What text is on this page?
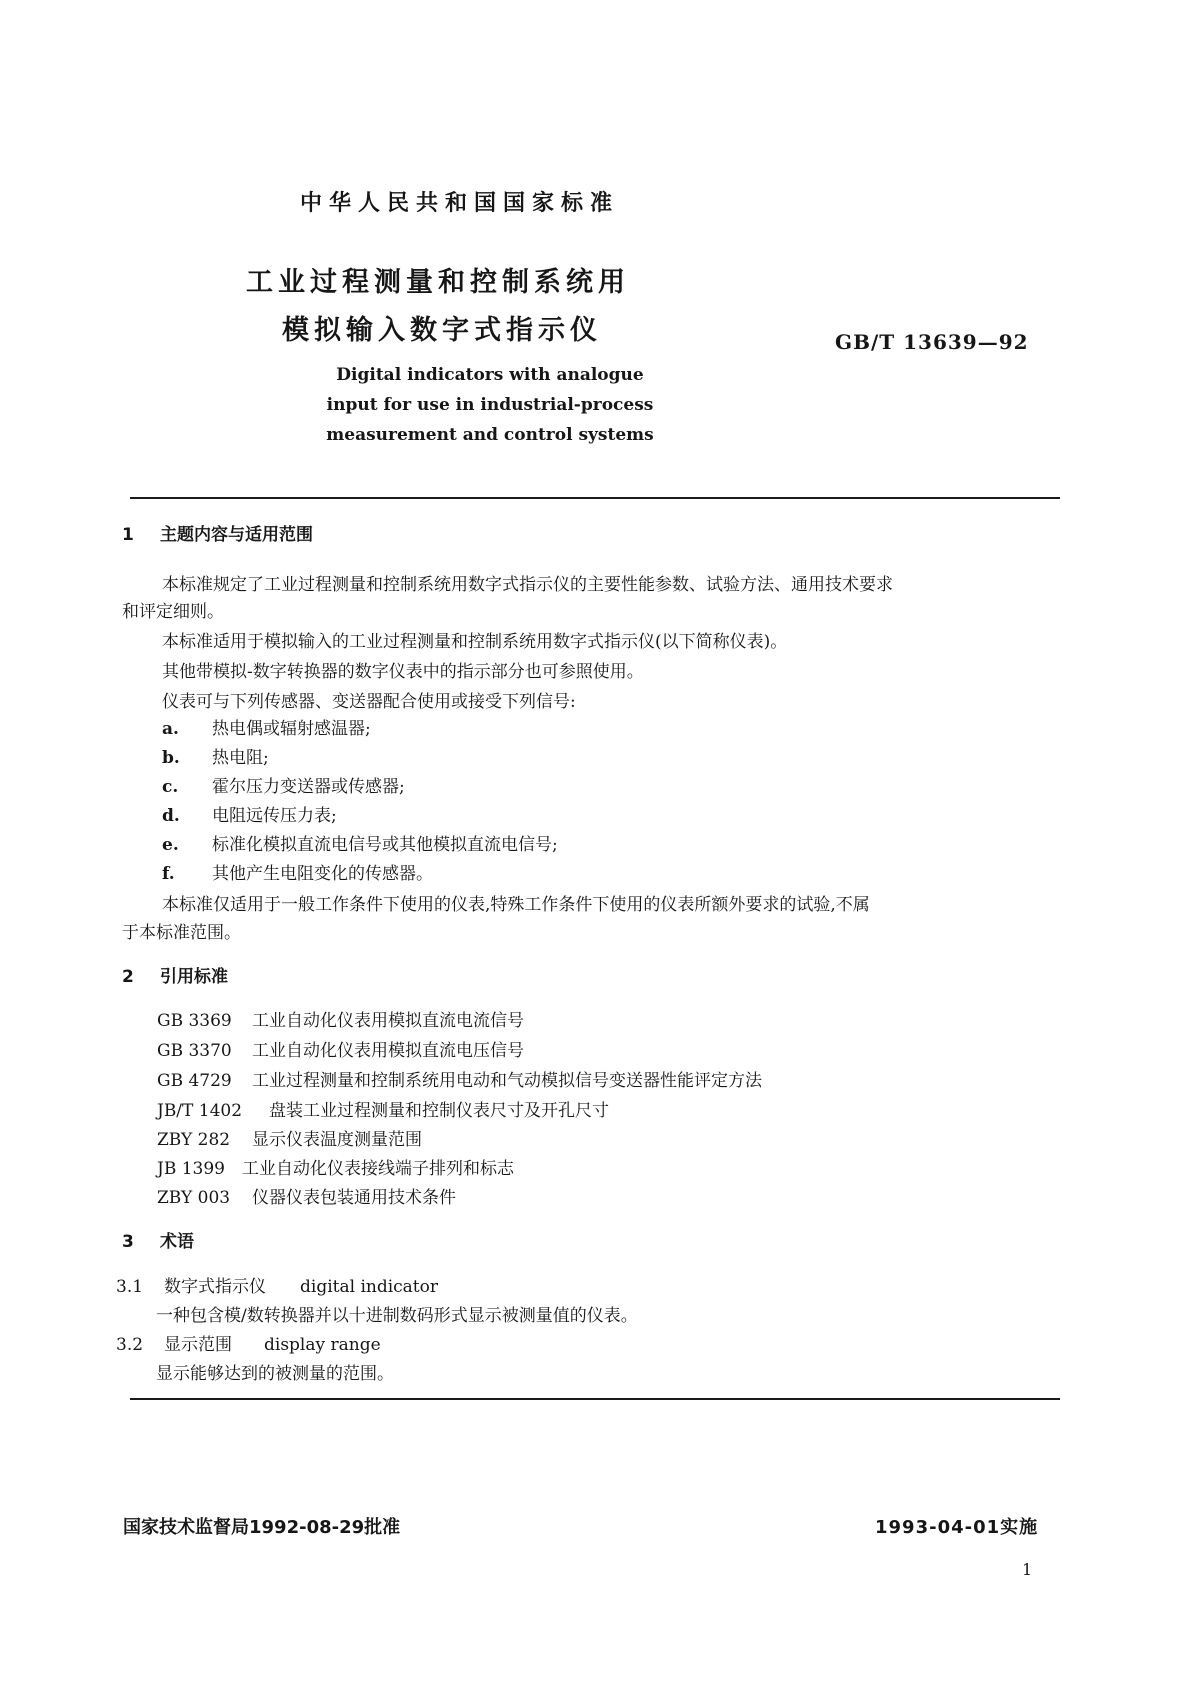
中华人民共和国国家标准
工业过程测量和控制系统用
模拟输入数字式指示仪	GB/T 13639—92
Digital indicators with analogue
input for use in industrial-process
measurement and control systems
1 主题内容与适用范围
本标准规定了工业过程测量和控制系统用数字式指示仪的主要性能参数、试验方法、通用技术要求
和评定细则。
本标准适用于模拟输入的工业过程测量和控制系统用数字式指示仪(以下简称仪表)。
其他带模拟-数字转换器的数字仪表中的指示部分也可参照使用。
仪表可与下列传感器、变送器配合使用或接受下列信号:
a. 热电偶或辐射感温器;
b. 热电阻;
c. 霍尔压力变送器或传感器;
d. 电阻远传压力表;
e. 标准化模拟直流电信号或其他模拟直流电信号;
f. 其他产生电阻变化的传感器。
本标准仅适用于一般工作条件下使用的仪表,特殊工作条件下使用的仪表所额外要求的试验,不属
于本标准范围。
2 引用标准
GB 3369 工业自动化仪表用模拟直流电流信号
GB 3370 工业自动化仪表用模拟直流电压信号
GB 4729 工业过程测量和控制系统用电动和气动模拟信号变送器性能评定方法
JB/T 1402 盘装工业过程测量和控制仪表尺寸及开孔尺寸
ZBY 282 显示仪表温度测量范围
JB 1399 工业自动化仪表接线端子排列和标志
ZBY 003 仪器仪表包装通用技术条件
3 术语
3.1 数字式指示仪 digital indicator
一种包含模/数转换器并以十进制数码形式显示被测量值的仪表。
3.2 显示范围 display range
显示能够达到的被测量的范围。
国家技术监督局1992-08-29批准	1993-04-01实施
1
